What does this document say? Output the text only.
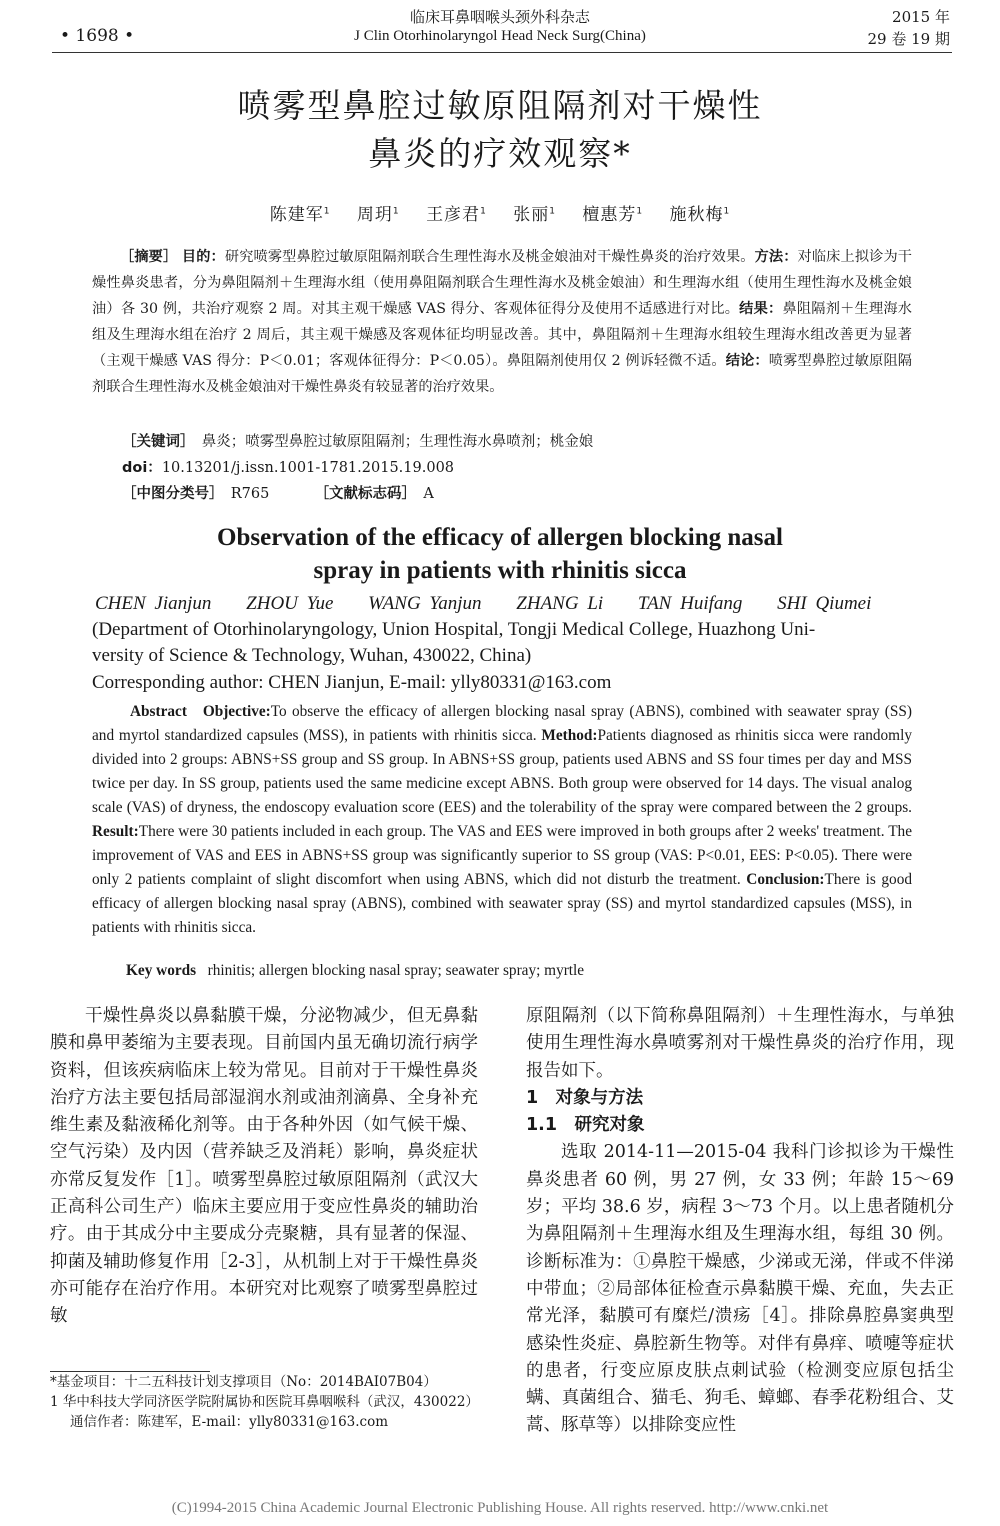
• 1698 •
临床耳鼻咽喉头颈外科杂志
J Clin Otorhinolaryngol Head Neck Surg(China)
2015 年
29 卷 19 期
喷雾型鼻腔过敏原阻隔剂对干燥性
鼻炎的疗效观察*
陈建军$^1$ 周玥$^1$ 王彦君$^1$ 张丽$^1$ 檀惠芳$^1$ 施秋梅$^1$
［摘要］ 目的：研究喷雾型鼻腔过敏原阻隔剂联合生理性海水及桃金娘油对干燥性鼻炎的治疗效果。方法：对临床上拟诊为干燥性鼻炎患者，分为鼻阻隔剂＋生理海水组（使用鼻阻隔剂联合生理性海水及桃金娘油）和生理海水组（使用生理性海水及桃金娘油）各 30 例，共治疗观察 2 周。对其主观干燥感 VAS 得分、客观体征得分及使用不适感进行对比。结果：鼻阻隔剂＋生理海水组及生理海水组在治疗 2 周后，其主观干燥感及客观体征均明显改善。其中，鼻阻隔剂＋生理海水组较生理海水组改善更为显著（主观干燥感 VAS 得分：P＜0.01；客观体征得分：P＜0.05）。鼻阻隔剂使用仅 2 例诉轻微不适。结论：喷雾型鼻腔过敏原阻隔剂联合生理性海水及桃金娘油对干燥性鼻炎有较显著的治疗效果。
［关键词］　 鼻炎；喷雾型鼻腔过敏原阻隔剂；生理性海水鼻喷剂；桃金娘
doi：10.13201/j.issn.1001-1781.2015.19.008
［中图分类号］　 R765	［文献标志码］　 A
Observation of the efficacy of allergen blocking nasal
spray in patients with rhinitis sicca
CHEN Jianjun ZHOU Yue WANG Yanjun ZHANG Li TAN Huifang SHI Qiumei
(Department of Otorhinolaryngology, Union Hospital, Tongji Medical College, Huazhong Uni-
versity of Science & Technology, Wuhan, 430022, China)
Corresponding author: CHEN Jianjun, E-mail: ylly80331@163.com
Abstract Objective:To observe the efficacy of allergen blocking nasal spray (ABNS), combined with seawater spray (SS) and myrtol standardized capsules (MSS), in patients with rhinitis sicca. Method:Patients diagnosed as rhinitis sicca were randomly divided into 2 groups: ABNS+SS group and SS group. In ABNS+SS group, patients used ABNS and SS four times per day and MSS twice per day. In SS group, patients used the same medicine except ABNS. Both group were observed for 14 days. The visual analog scale (VAS) of dryness, the endoscopy evaluation score (EES) and the tolerability of the spray were compared between the 2 groups. Result:There were 30 patients included in each group. The VAS and EES were improved in both groups after 2 weeks' treatment. The improvement of VAS and EES in ABNS+SS group was significantly superior to SS group (VAS: P<0.01, EES: P<0.05). There were only 2 patients complaint of slight discomfort when using ABNS, which did not disturb the treatment. Conclusion:There is good efficacy of allergen blocking nasal spray (ABNS), combined with seawater spray (SS) and myrtol standardized capsules (MSS), in patients with rhinitis sicca.
Key words rhinitis; allergen blocking nasal spray; seawater spray; myrtle

干燥性鼻炎以鼻黏膜干燥，分泌物减少，但无鼻黏膜和鼻甲萎缩为主要表现。目前国内虽无确切流行病学资料，但该疾病临床上较为常见。目前对于干燥性鼻炎治疗方法主要包括局部湿润水剂或油剂滴鼻、全身补充维生素及黏液稀化剂等。由于各种外因（如气候干燥、空气污染）及内因（营养缺乏及消耗）影响，鼻炎症状亦常反复发作［1］。喷雾型鼻腔过敏原阻隔剂（武汉大正高科公司生产）临床主要应用于变应性鼻炎的辅助治疗。由于其成分中主要成分壳聚糖，具有显著的保湿、抑菌及辅助修复作用［2-3］，从机制上对于干燥性鼻炎亦可能存在治疗作用。本研究对比观察了喷雾型鼻腔过敏

原阻隔剂（以下简称鼻阻隔剂）＋生理性海水，与单独使用生理性海水鼻喷雾剂对干燥性鼻炎的治疗作用，现报告如下。

1　对象与方法

1.1　研究对象

选取 2014-11—2015-04 我科门诊拟诊为干燥性鼻炎患者 60 例，男 27 例，女 33 例；年龄 15～69 岁；平均 38.6 岁，病程 3～73 个月。以上患者随机分为鼻阻隔剂＋生理海水组及生理海水组，每组 30 例。诊断标准为：①鼻腔干燥感，少涕或无涕，伴或不伴涕中带血；②局部体征检查示鼻黏膜干燥、充血，失去正常光泽，黏膜可有糜烂/溃疡［4］。排除鼻腔鼻窦典型感染性炎症、鼻腔新生物等。对伴有鼻痒、喷嚏等症状的患者，行变应原皮肤点刺试验（检测变应原包括尘螨、真菌组合、猫毛、狗毛、蟑螂、春季花粉组合、艾蒿、豚草等）以排除变应性

*基金项目：十二五科技计划支撑项目（No：2014BAI07B04）
1 华中科技大学同济医学院附属协和医院耳鼻咽喉科（武汉，430022）
通信作者：陈建军，E-mail：ylly80331@163.com
(C)1994-2015 China Academic Journal Electronic Publishing House. All rights reserved. http://www.cnki.net
